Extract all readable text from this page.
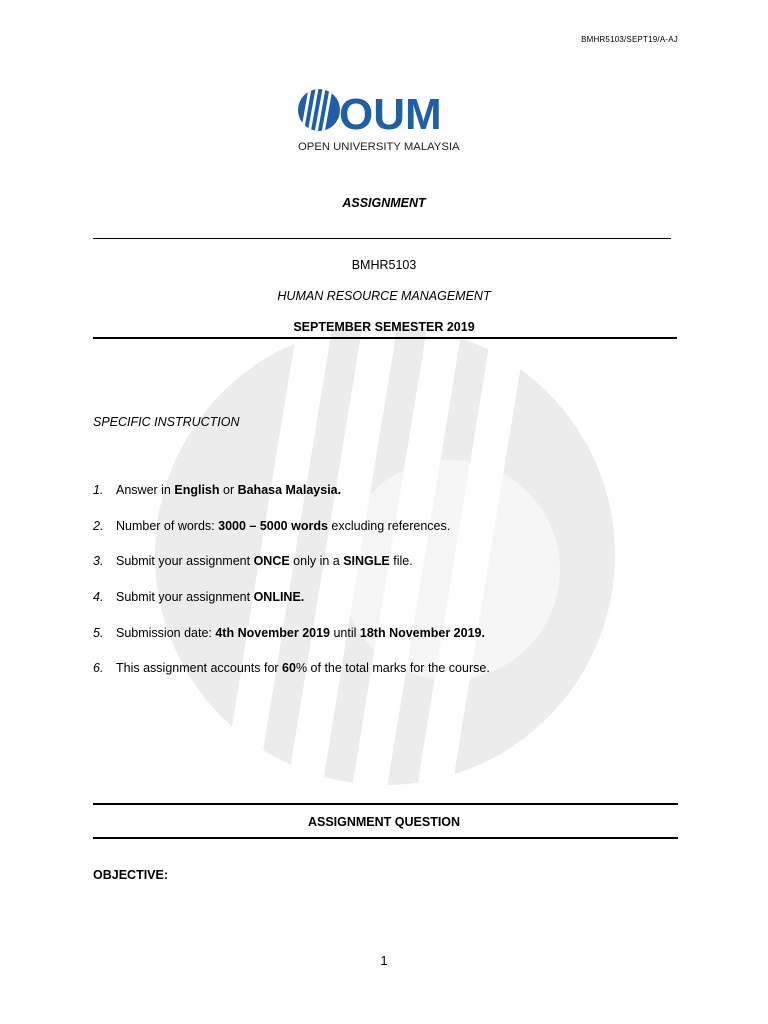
BMHR5103/SEPT19/A-AJ
OUM
OPEN UNIVERSITY MALAYSIA
ASSIGNMENT
BMHR5103
HUMAN RESOURCE MANAGEMENT
SEPTEMBER SEMESTER 2019
SPECIFIC INSTRUCTION
1. Answer in English or Bahasa Malaysia.
2. Number of words: 3000 – 5000 words excluding references.
3. Submit your assignment ONCE only in a SINGLE file.
4. Submit your assignment ONLINE.
5. Submission date: 4th November 2019 until 18th November 2019.
6. This assignment accounts for 60% of the total marks for the course.
ASSIGNMENT QUESTION
OBJECTIVE:
1
